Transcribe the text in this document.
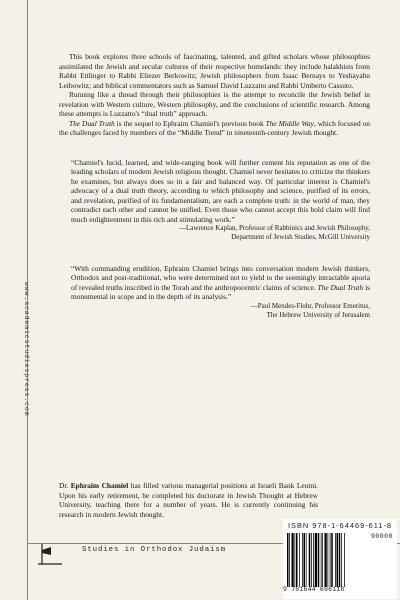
www.academicstudiespress.com

This book explores three schools of fascinating, talented, and gifted scholars whose philosophies assimilated the Jewish and secular cultures of their respective homelands: they include halakhists from Rabbi Ettlinger to Rabbi Eliezer Berkowitz; Jewish philosophers from Isaac Bernays to Yeshayahu Leibowitz; and biblical commentators such as Samuel David Luzzatto and Rabbi Umberto Cassuto.

Running like a thread through their philosophies is the attempt to reconcile the Jewish belief in revelation with Western culture, Western philosophy, and the conclusions of scientific research. Among these attempts is Luzzatto's “dual truth” approach.

The Dual Truth is the sequel to Ephraim Chamiel's previous book The Middle Way, which focused on the challenges faced by members of the “Middle Trend” in nineteenth-century Jewish thought.

“Chamiel's lucid, learned, and wide-ranging book will further cement his reputation as one of the leading scholars of modern Jewish religious thought. Chamiel never hesitates to criticize the thinkers he examines, but always does so in a fair and balanced way. Of particular interest is Chamiel's advocacy of a dual truth theory, according to which philosophy and science, purified of its errors, and revelation, purified of its fundamentalism, are each a complete truth: in the world of man, they contradict each other and cannot be unified. Even those who cannot accept this bold claim will find much enlightenment in this rich and stimulating work.”

—Lawrence Kaplan, Professor of Rabbinics and Jewish Philosophy,
Department of Jewish Studies, McGill University

“With commanding erudition, Ephraim Chamiel brings into conversation modern Jewish thinkers, Orthodox and post-traditional, who were determined not to yield to the seemingly intractable aporia of revealed truths inscribed in the Torah and the anthropocentric claims of science. The Dual Truth is monumental in scope and in the depth of its analysis.”

—Paul Mendes-Flohr, Professor Emeritus,
The Hebrew University of Jerusalem
Dr. Ephraim Chamiel has filled various managerial positions at Israeli Bank Leumi. Upon his early retirement, he completed his doctorate in Jewish Thought at Hebrew University, teaching there for a number of years. He is currently continuing his research in modern Jewish thought.
Studies in Orthodox Judaism
ISBN 978-1-64469-611-8
90000
9 781644 696118
